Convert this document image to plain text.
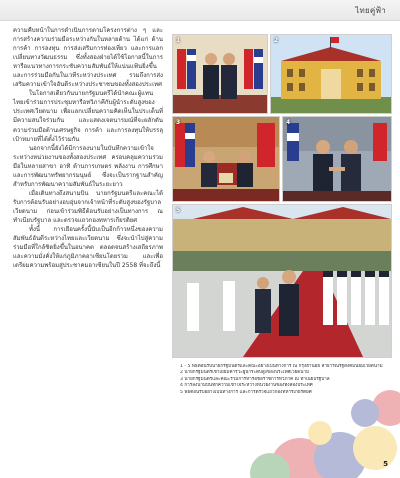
ไทยคู่ฟ้า

ความคืบหน้าในการดำเนินการตามโครงการต่าง ๆ และการสร้างความร่วมมือระหว่างกันในหลายด้าน ได้แก่ ด้านการค้า การลงทุน การส่งเสริมการท่องเที่ยว และการแลกเปลี่ยนทางวัฒนธรรม ซึ่งทั้งสองฝ่ายได้ใช้โอกาสนี้ในการหารือแนวทางการกระชับความสัมพันธ์ให้แน่นแฟ้นยิ่งขึ้น และการร่วมมือกันในเวทีระหว่างประเทศ รวมถึงการส่งเสริมความเข้าใจอันดีระหว่างประชาชนของทั้งสองประเทศ

ในโอกาสเดียวกันนายกรัฐมนตรีได้นำคณะผู้แทนไทยเข้าร่วมการประชุมหารือทวิภาคีกับผู้นำระดับสูงของประเทศเวียดนาม เพื่อแลกเปลี่ยนความคิดเห็นในประเด็นที่มีความสนใจร่วมกัน และแสดงเจตนารมณ์ที่จะผลักดันความร่วมมือด้านเศรษฐกิจ การค้า และการลงทุนให้บรรลุเป้าหมายที่ได้ตั้งไว้ร่วมกัน

นอกจากนี้ยังได้มีการลงนามในบันทึกความเข้าใจระหว่างหน่วยงานของทั้งสองประเทศ ครอบคลุมความร่วมมือในหลายสาขา อาทิ ด้านการเกษตร พลังงาน การศึกษา และการพัฒนาทรัพยากรมนุษย์ ซึ่งจะเป็นรากฐานสำคัญสำหรับการพัฒนาความสัมพันธ์ในระยะยาว

เมื่อเดินทางถึงสนามบิน นายกรัฐมนตรีและคณะได้รับการต้อนรับอย่างอบอุ่นจากเจ้าหน้าที่ระดับสูงของรัฐบาลเวียดนาม ก่อนเข้าร่วมพิธีต้อนรับอย่างเป็นทางการ ณ ทำเนียบรัฐบาล และตรวจแถวกองทหารเกียรติยศ

ทั้งนี้ การเยือนครั้งนี้นับเป็นอีกก้าวหนึ่งของความสัมพันธ์อันดีระหว่างไทยและเวียดนาม ซึ่งจะนำไปสู่ความร่วมมือที่ใกล้ชิดยิ่งขึ้นในอนาคต ตลอดจนสร้างเสถียรภาพและความมั่งคั่งให้แก่ภูมิภาคอาเซียนโดยรวม และเพื่อเตรียมความพร้อมสู่ประชาคมอาเซียนในปี 2558 ที่จะถึงนี้

1	2
3	4
5
1 - 5 พิธีต้อนรับนายกรัฐมนตรีและคณะอย่างเป็นทางการ ณ กรุงฮานอย สาธารณรัฐสังคมนิยมเวียดนาม
2 นายกรัฐมนตรีเข้าเยี่ยมคารวะผู้นำระดับสูงของประเทศเวียดนาม
3 นายกรัฐมนตรีและคณะร่วมการหารือข้อราชการทวิภาคี ณ ทำเนียบรัฐบาล
4 การลงนามบันทึกความเข้าใจระหว่างหน่วยงานของทั้งสองประเทศ
5 พิธีต้อนรับอย่างเป็นทางการ และการตรวจแถวกองทหารเกียรติยศ
5
